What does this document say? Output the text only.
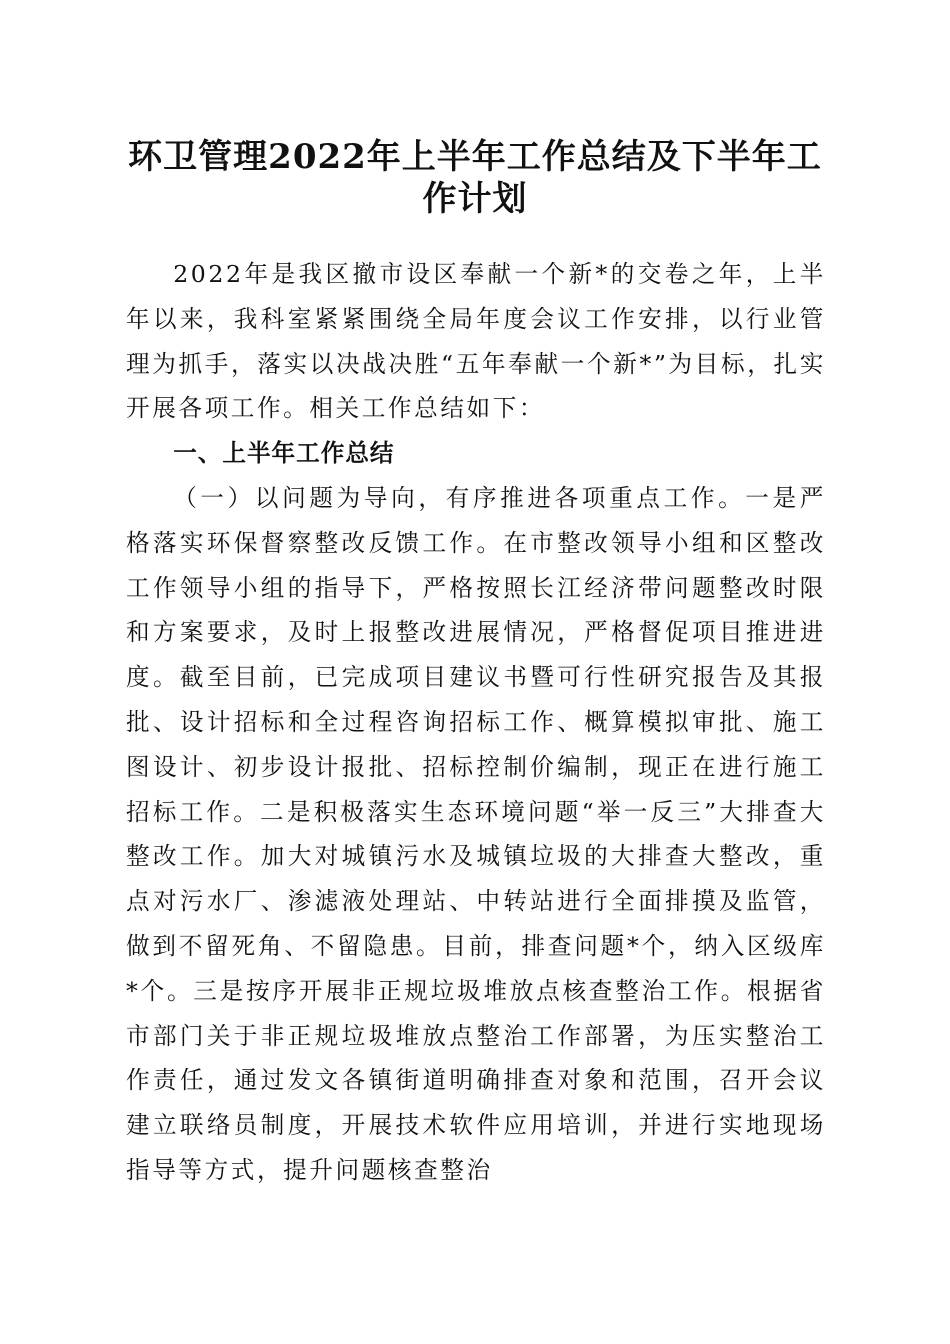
环卫管理2022年上半年工作总结及下半年工作计划

2022年是我区撤市设区奉献一个新*的交卷之年，上半年以来，我科室紧紧围绕全局年度会议工作安排，以行业管理为抓手，落实以决战决胜“五年奉献一个新*”为目标，扎实开展各项工作。相关工作总结如下：

一、上半年工作总结

（一）以问题为导向，有序推进各项重点工作。一是严格落实环保督察整改反馈工作。在市整改领导小组和区整改工作领导小组的指导下，严格按照长江经济带问题整改时限和方案要求，及时上报整改进展情况，严格督促项目推进进度。截至目前，已完成项目建议书暨可行性研究报告及其报批、设计招标和全过程咨询招标工作、概算模拟审批、施工图设计、初步设计报批、招标控制价编制，现正在进行施工招标工作。二是积极落实生态环境问题“举一反三”大排查大整改工作。加大对城镇污水及城镇垃圾的大排查大整改，重点对污水厂、渗滤液处理站、中转站进行全面排摸及监管，做到不留死角、不留隐患。目前，排查问题*个，纳入区级库*个。三是按序开展非正规垃圾堆放点核查整治工作。根据省市部门关于非正规垃圾堆放点整治工作部署，为压实整治工作责任，通过发文各镇街道明确排查对象和范围，召开会议建立联络员制度，开展技术软件应用培训，并进行实地现场指导等方式，提升问题核查整治
